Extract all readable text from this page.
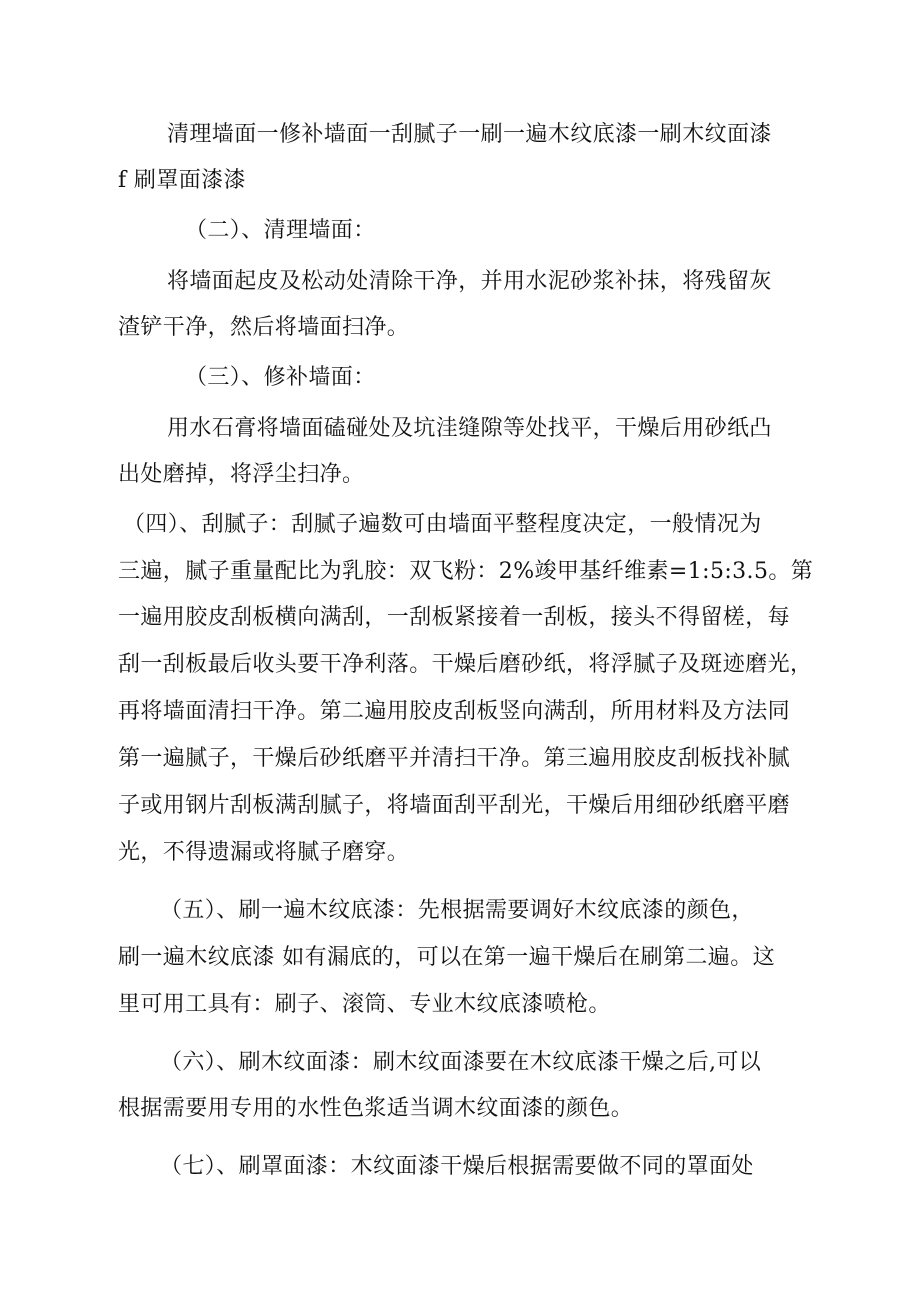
清理墙面一修补墙面一刮腻子一刷一遍木纹底漆一刷木纹面漆
f 刷罩面漆漆
（二）、清理墙面：
将墙面起皮及松动处清除干净，并用水泥砂浆补抹，将残留灰
渣铲干净，然后将墙面扫净。
（三）、修补墙面：
用水石膏将墙面磕碰处及坑洼缝隙等处找平，干燥后用砂纸凸
出处磨掉，将浮尘扫净。
（四）、刮腻子：刮腻子遍数可由墙面平整程度决定，一般情况为
三遍，腻子重量配比为乳胶：双飞粉：2%竣甲基纤维素=1:5:3.5。第
一遍用胶皮刮板横向满刮，一刮板紧接着一刮板，接头不得留槎，每
刮一刮板最后收头要干净利落。干燥后磨砂纸，将浮腻子及斑迹磨光，
再将墙面清扫干净。第二遍用胶皮刮板竖向满刮，所用材料及方法同
第一遍腻子，干燥后砂纸磨平并清扫干净。第三遍用胶皮刮板找补腻
子或用钢片刮板满刮腻子，将墙面刮平刮光，干燥后用细砂纸磨平磨
光，不得遗漏或将腻子磨穿。
（五）、刷一遍木纹底漆：先根据需要调好木纹底漆的颜色，
刷一遍木纹底漆 如有漏底的，可以在第一遍干燥后在刷第二遍。这
里可用工具有：刷子、滚筒、专业木纹底漆喷枪。
（六）、刷木纹面漆：刷木纹面漆要在木纹底漆干燥之后,可以
根据需要用专用的水性色浆适当调木纹面漆的颜色。
（七）、刷罩面漆：木纹面漆干燥后根据需要做不同的罩面处
